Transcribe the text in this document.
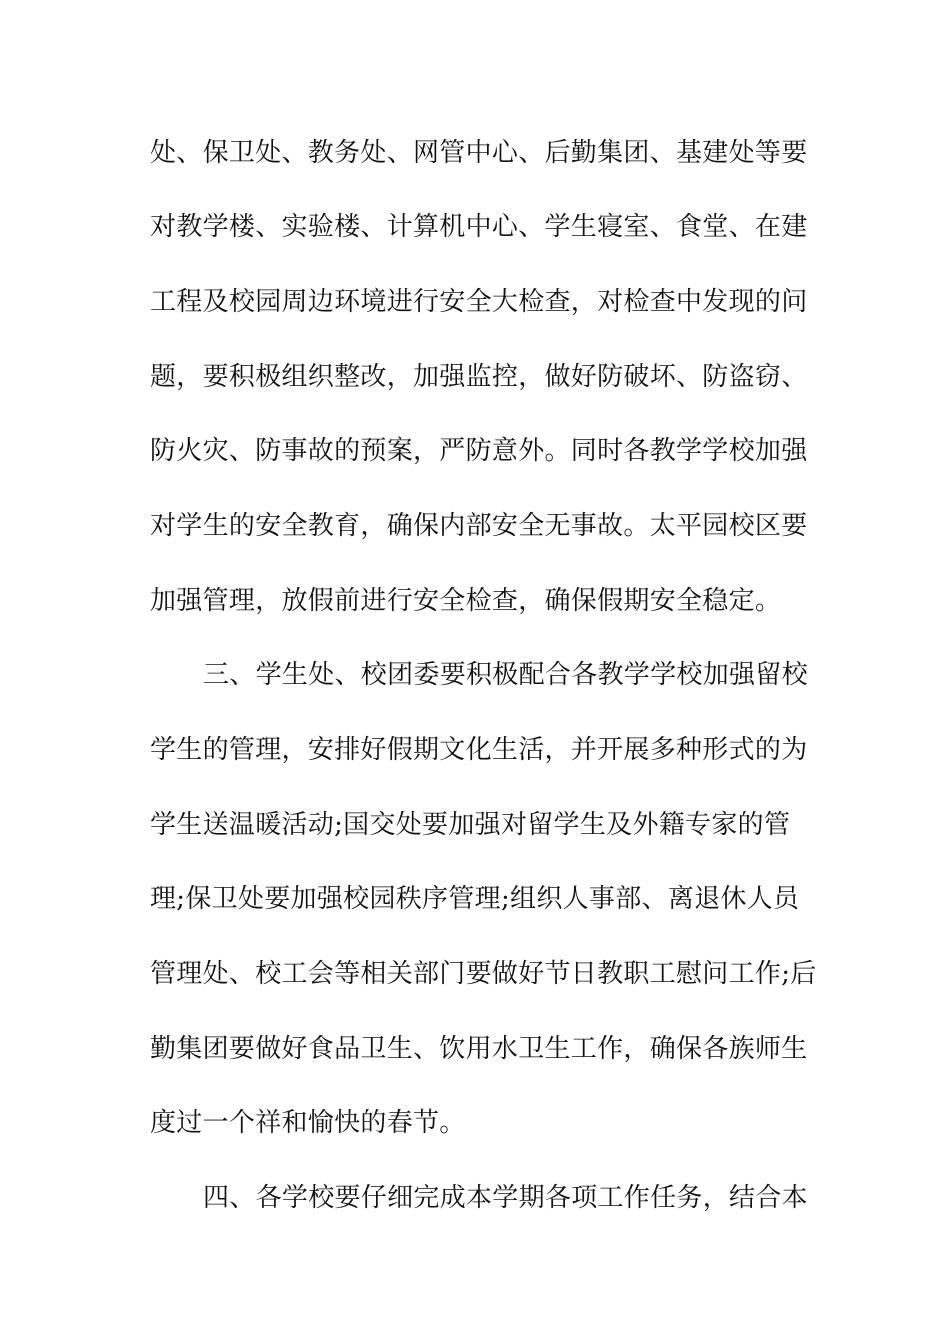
处、保卫处、教务处、网管中心、后勤集团、基建处等要
对教学楼、实验楼、计算机中心、学生寝室、食堂、在建
工程及校园周边环境进行安全大检查，对检查中发现的问
题，要积极组织整改，加强监控，做好防破坏、防盗窃、
防火灾、防事故的预案，严防意外。同时各教学学校加强
对学生的安全教育，确保内部安全无事故。太平园校区要
加强管理，放假前进行安全检查，确保假期安全稳定。
三、学生处、校团委要积极配合各教学学校加强留校
学生的管理，安排好假期文化生活，并开展多种形式的为
学生送温暖活动;国交处要加强对留学生及外籍专家的管
理;保卫处要加强校园秩序管理;组织人事部、离退休人员
管理处、校工会等相关部门要做好节日教职工慰问工作;后
勤集团要做好食品卫生、饮用水卫生工作，确保各族师生
度过一个祥和愉快的春节。
四、各学校要仔细完成本学期各项工作任务，结合本
